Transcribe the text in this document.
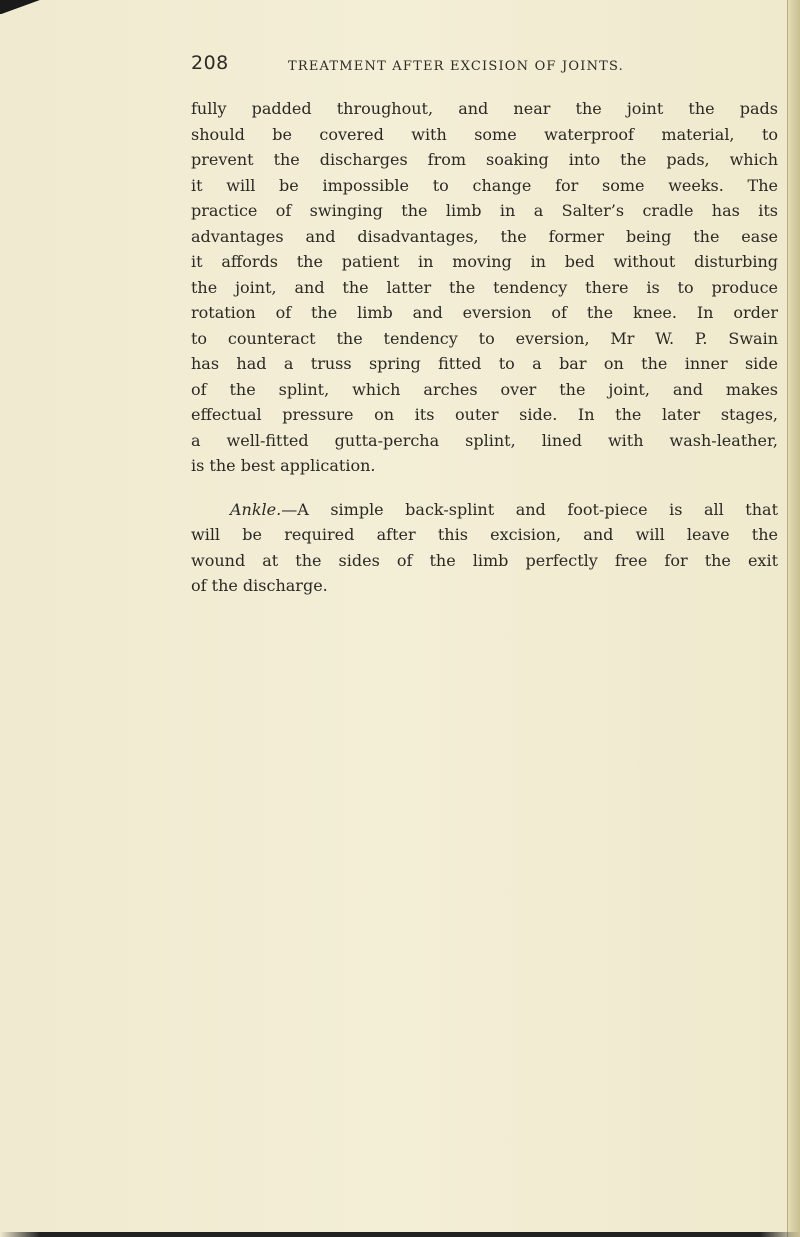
208	TREATMENT AFTER EXCISION OF JOINTS.
fully padded throughout, and near the joint the pads
should be covered with some waterproof material, to
prevent the discharges from soaking into the pads, which
it will be impossible to change for some weeks. The
practice of swinging the limb in a Salter’s cradle has its
advantages and disadvantages, the former being the ease
it affords the patient in moving in bed without disturbing
the joint, and the latter the tendency there is to produce
rotation of the limb and eversion of the knee. In order
to counteract the tendency to eversion, Mr W. P. Swain
has had a truss spring fitted to a bar on the inner side
of the splint, which arches over the joint, and makes
effectual pressure on its outer side. In the later stages,
a well-fitted gutta-percha splint, lined with wash-leather,
is the best application.
Ankle.—A simple back-splint and foot-piece is all that
will be required after this excision, and will leave the
wound at the sides of the limb perfectly free for the exit
of the discharge.
